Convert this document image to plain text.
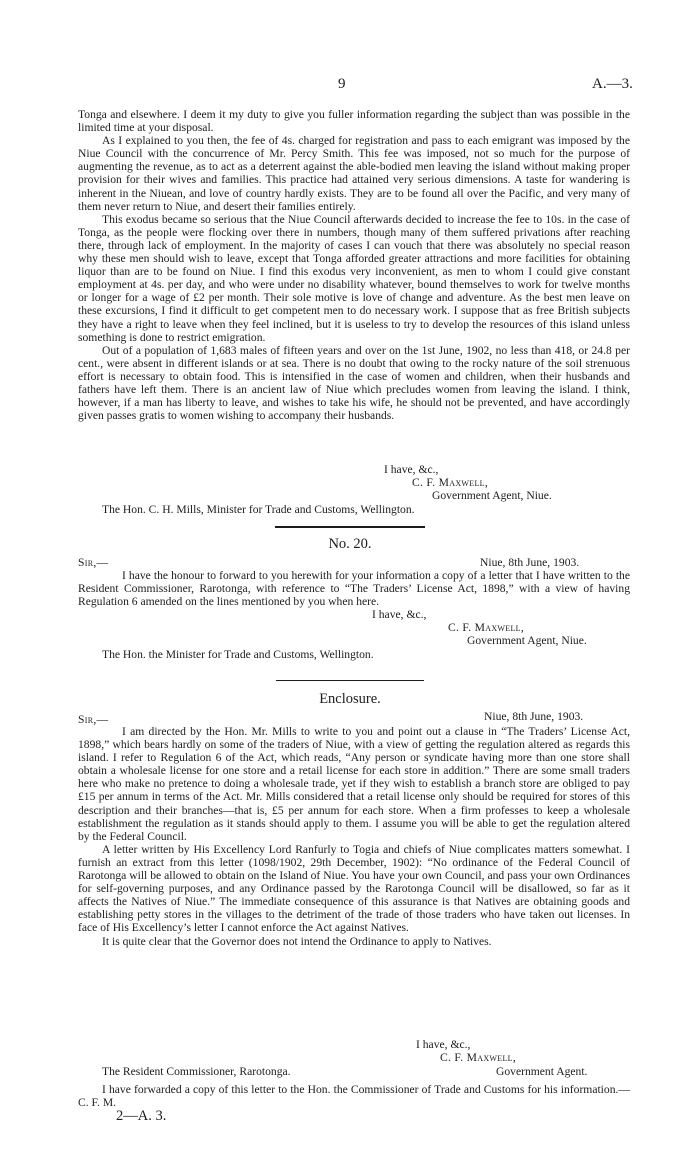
9	A.—3.

Tonga and elsewhere. I deem it my duty to give you fuller information regarding the subject than was possible in the limited time at your disposal.

As I explained to you then, the fee of 4s. charged for registration and pass to each emigrant was imposed by the Niue Council with the concurrence of Mr. Percy Smith. This fee was imposed, not so much for the purpose of augmenting the revenue, as to act as a deterrent against the able-bodied men leaving the island without making proper provision for their wives and families. This practice had attained very serious dimensions. A taste for wandering is inherent in the Niuean, and love of country hardly exists. They are to be found all over the Pacific, and very many of them never return to Niue, and desert their families entirely.

This exodus became so serious that the Niue Council afterwards decided to increase the fee to 10s. in the case of Tonga, as the people were flocking over there in numbers, though many of them suffered privations after reaching there, through lack of employment. In the majority of cases I can vouch that there was absolutely no special reason why these men should wish to leave, except that Tonga afforded greater attractions and more facilities for obtaining liquor than are to be found on Niue. I find this exodus very inconvenient, as men to whom I could give constant employment at 4s. per day, and who were under no disability whatever, bound themselves to work for twelve months or longer for a wage of £2 per month. Their sole motive is love of change and adventure. As the best men leave on these excursions, I find it difficult to get competent men to do necessary work. I suppose that as free British subjects they have a right to leave when they feel inclined, but it is useless to try to develop the resources of this island unless something is done to restrict emigration.

Out of a population of 1,683 males of fifteen years and over on the 1st June, 1902, no less than 418, or 24.8 per cent., were absent in different islands or at sea. There is no doubt that owing to the rocky nature of the soil strenuous effort is necessary to obtain food. This is intensified in the case of women and children, when their husbands and fathers have left them. There is an ancient law of Niue which precludes women from leaving the island. I think, however, if a man has liberty to leave, and wishes to take his wife, he should not be prevented, and have accordingly given passes gratis to women wishing to accompany their husbands.

I have, &c.,
C. F. Maxwell,
Government Agent, Niue.
The Hon. C. H. Mills, Minister for Trade and Customs, Wellington.
No. 20.
Sir,—	Niue, 8th June, 1903.

I have the honour to forward to you herewith for your information a copy of a letter that I have written to the Resident Commissioner, Rarotonga, with reference to “The Traders’ License Act, 1898,” with a view of having Regulation 6 amended on the lines mentioned by you when here.

I have, &c.,
C. F. Maxwell,
Government Agent, Niue.
The Hon. the Minister for Trade and Customs, Wellington.
Enclosure.
Niue, 8th June, 1903.
Sir,—

I am directed by the Hon. Mr. Mills to write to you and point out a clause in “The Traders’ License Act, 1898,” which bears hardly on some of the traders of Niue, with a view of getting the regulation altered as regards this island. I refer to Regulation 6 of the Act, which reads, “Any person or syndicate having more than one store shall obtain a wholesale license for one store and a retail license for each store in addition.” There are some small traders here who make no pretence to doing a wholesale trade, yet if they wish to establish a branch store are obliged to pay £15 per annum in terms of the Act. Mr. Mills considered that a retail license only should be required for stores of this description and their branches—that is, £5 per annum for each store. When a firm professes to keep a wholesale establishment the regulation as it stands should apply to them. I assume you will be able to get the regulation altered by the Federal Council.

A letter written by His Excellency Lord Ranfurly to Togia and chiefs of Niue complicates matters somewhat. I furnish an extract from this letter (1098/1902, 29th December, 1902): “No ordinance of the Federal Council of Rarotonga will be allowed to obtain on the Island of Niue. You have your own Council, and pass your own Ordinances for self-governing purposes, and any Ordinance passed by the Rarotonga Council will be disallowed, so far as it affects the Natives of Niue.” The immediate consequence of this assurance is that Natives are obtaining goods and establishing petty stores in the villages to the detriment of the trade of those traders who have taken out licenses. In face of His Excellency’s letter I cannot enforce the Act against Natives.

It is quite clear that the Governor does not intend the Ordinance to apply to Natives.

I have, &c.,
C. F. Maxwell,
The Resident Commissioner, Rarotonga.	Government Agent.

I have forwarded a copy of this letter to the Hon. the Commissioner of Trade and Customs for his information.—C. F. M.

2—A. 3.
